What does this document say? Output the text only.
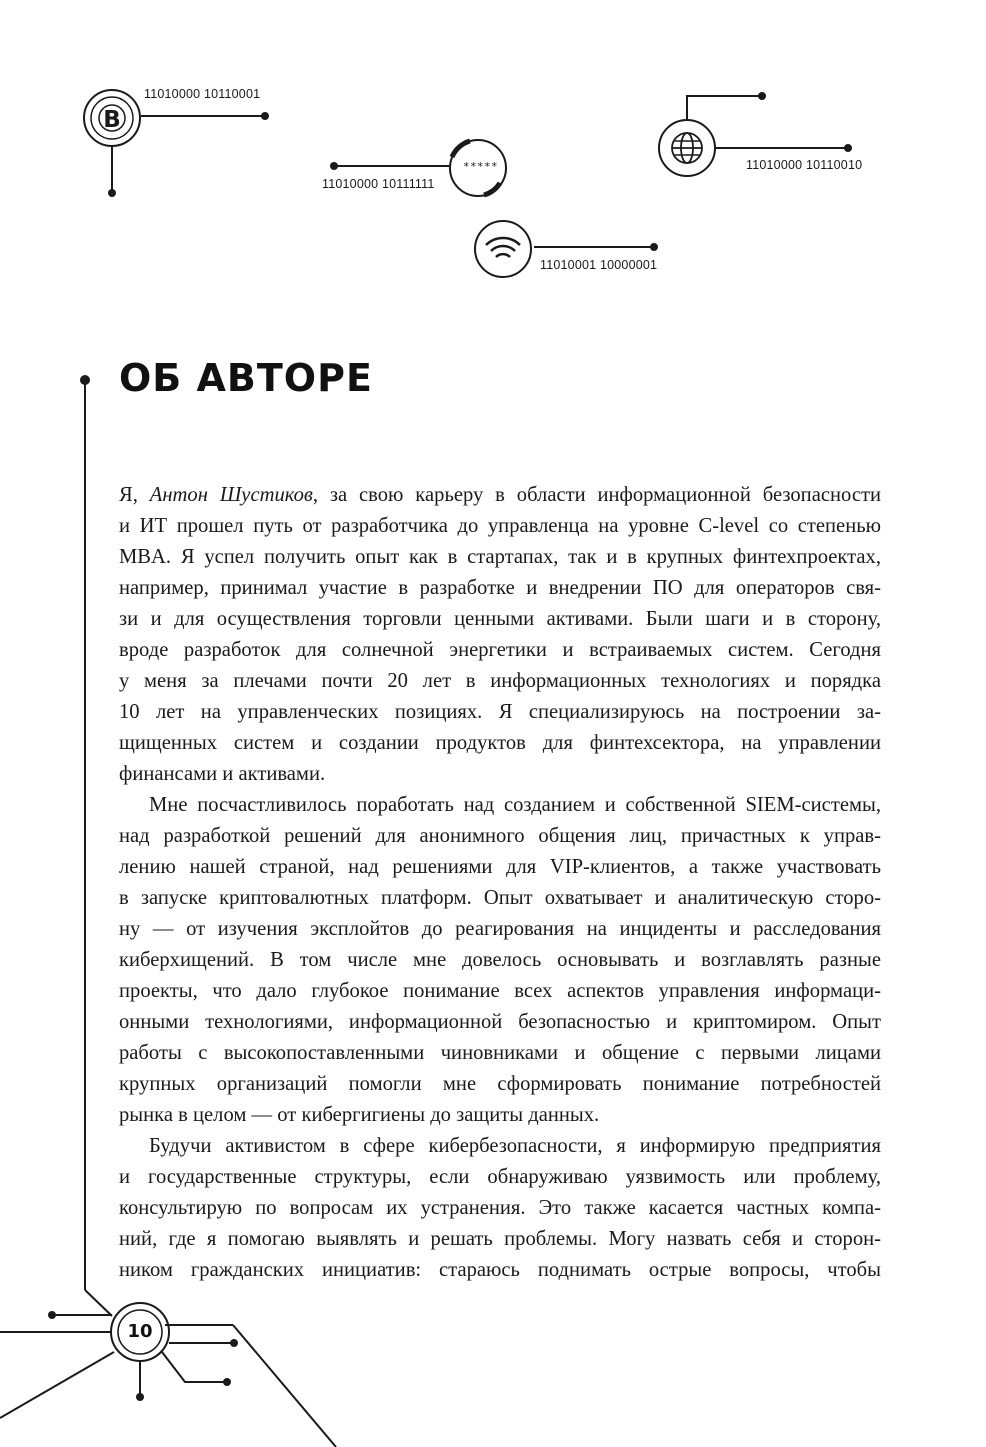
B
*****
11010000 10110001
11010000 10111111
11010000 10110010
11010001 10000001
ОБ АВТОРЕ
Я, Антон Шустиков, за свою карьеру в области информационной безопасности
и ИТ прошел путь от разработчика до управленца на уровне C-level со степенью
MBA. Я успел получить опыт как в стартапах, так и в крупных финтехпроектах,
например, принимал участие в разработке и внедрении ПО для операторов свя-
зи и для осуществления торговли ценными активами. Были шаги и в сторону,
вроде разработок для солнечной энергетики и встраиваемых систем. Сегодня
у меня за плечами почти 20 лет в информационных технологиях и порядка
10 лет на управленческих позициях. Я специализируюсь на построении за-
щищенных систем и создании продуктов для финтехсектора, на управлении
финансами и активами.
Мне посчастливилось поработать над созданием и собственной SIEM-системы,
над разработкой решений для анонимного общения лиц, причастных к управ-
лению нашей страной, над решениями для VIP-клиентов, а также участвовать
в запуске криптовалютных платформ. Опыт охватывает и аналитическую сторо-
ну — от изучения эксплойтов до реагирования на инциденты и расследования
киберхищений. В том числе мне довелось основывать и возглавлять разные
проекты, что дало глубокое понимание всех аспектов управления информаци-
онными технологиями, информационной безопасностью и криптомиром. Опыт
работы с высокопоставленными чиновниками и общение с первыми лицами
крупных организаций помогли мне сформировать понимание потребностей
рынка в целом — от кибергигиены до защиты данных.
Будучи активистом в сфере кибербезопасности, я информирую предприятия
и государственные структуры, если обнаруживаю уязвимость или проблему,
консультирую по вопросам их устранения. Это также касается частных компа-
ний, где я помогаю выявлять и решать проблемы. Могу назвать себя и сторон-
ником гражданских инициатив: стараюсь поднимать острые вопросы, чтобы
10
